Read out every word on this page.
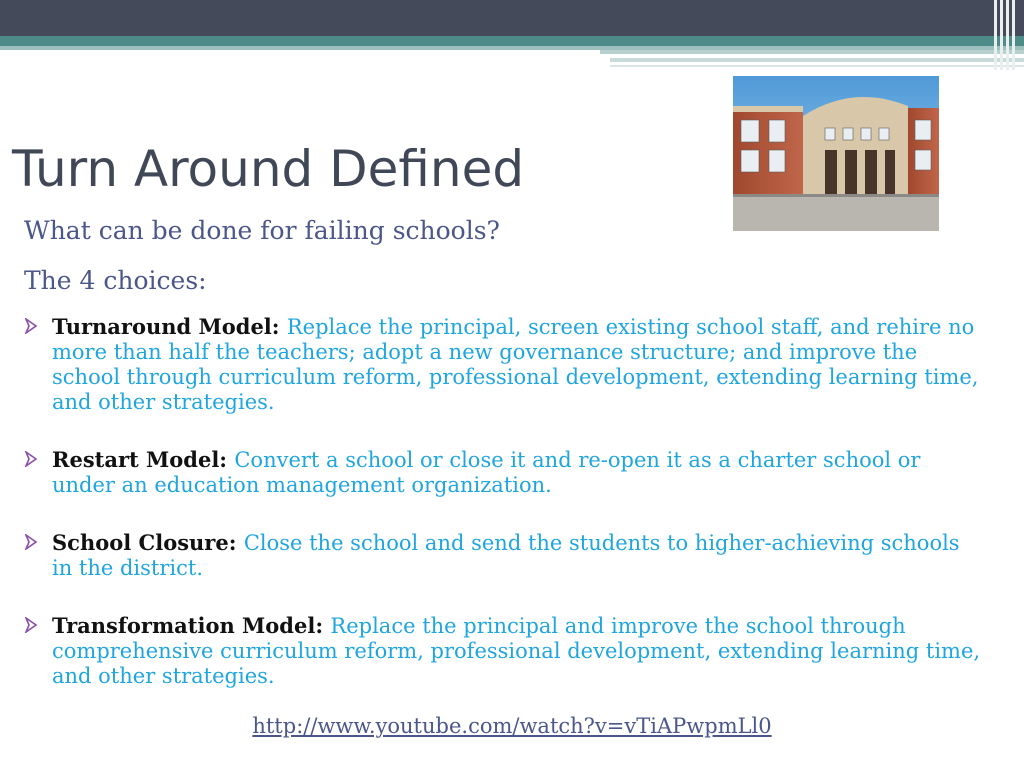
Turn Around Defined
What can be done for failing schools?
The 4 choices:
Turnaround Model: Replace the principal, screen existing school staff, and rehire no more than half the teachers; adopt a new governance structure; and improve the school through curriculum reform, professional development, extending learning time, and other strategies.
Restart Model: Convert a school or close it and re-open it as a charter school or under an education management organization.
School Closure: Close the school and send the students to higher-achieving schools in the district.
Transformation Model: Replace the principal and improve the school through comprehensive curriculum reform, professional development, extending learning time, and other strategies.
http://www.youtube.com/watch?v=vTiAPwpmLl0
